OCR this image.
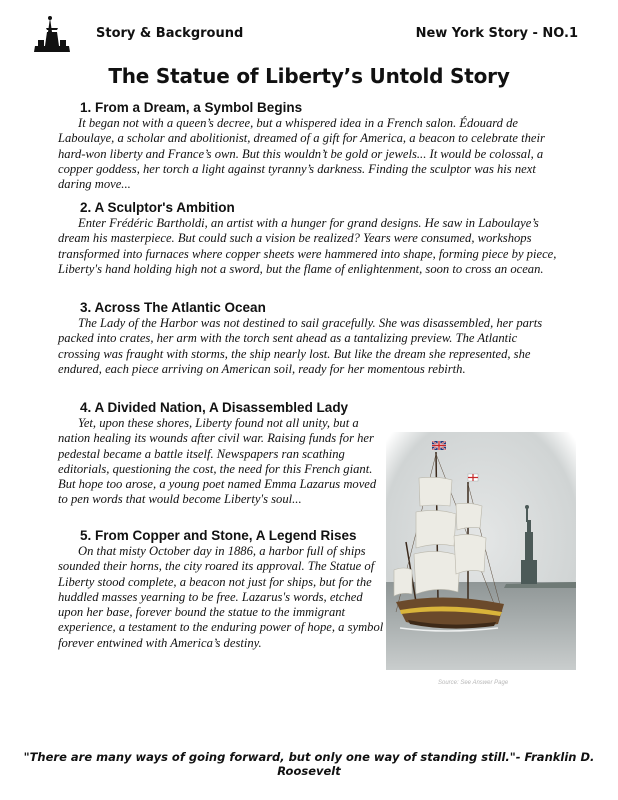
Story & Background	New York Story - NO.1
The Statue of Liberty’s Untold Story
1. From a Dream, a Symbol Begins

It began not with a queen’s decree, but a whispered idea in a French salon. Édouard de Laboulaye, a scholar and abolitionist, dreamed of a gift for America, a beacon to celebrate their hard-won liberty and France’s own. But this wouldn’t be gold or jewels... It would be colossal, a copper goddess, her torch a light against tyranny’s darkness. Finding the sculptor was his next daring move...

2. A Sculptor's Ambition

Enter Frédéric Bartholdi, an artist with a hunger for grand designs. He saw in Laboulaye’s dream his masterpiece. But could such a vision be realized? Years were consumed, workshops transformed into furnaces where copper sheets were hammered into shape, forming piece by piece, Liberty's hand holding high not a sword, but the flame of enlightenment, soon to cross an ocean.

3. Across The Atlantic Ocean

The Lady of the Harbor was not destined to sail gracefully. She was disassembled, her parts packed into crates, her arm with the torch sent ahead as a tantalizing preview. The Atlantic crossing was fraught with storms, the ship nearly lost. But like the dream she represented, she endured, each piece arriving on American soil, ready for her momentous rebirth.

4. A Divided Nation, A Disassembled Lady

Yet, upon these shores, Liberty found not all unity, but a nation healing its wounds after civil war. Raising funds for her pedestal became a battle itself. Newspapers ran scathing editorials, questioning the cost, the need for this French giant. But hope too arose, a young poet named Emma Lazarus moved to pen words that would become Liberty's soul...

5. From Copper and Stone, A Legend Rises

On that misty October day in 1886, a harbor full of ships sounded their horns, the city roared its approval. The Statue of Liberty stood complete, a beacon not just for ships, but for the huddled masses yearning to be free. Lazarus's words, etched upon her base, forever bound the statue to the immigrant experience, a testament to the enduring power of hope, a symbol forever entwined with America’s destiny.

Source: See Answer Page
"There are many ways of going forward, but only one way of standing still."- Franklin D. Roosevelt
